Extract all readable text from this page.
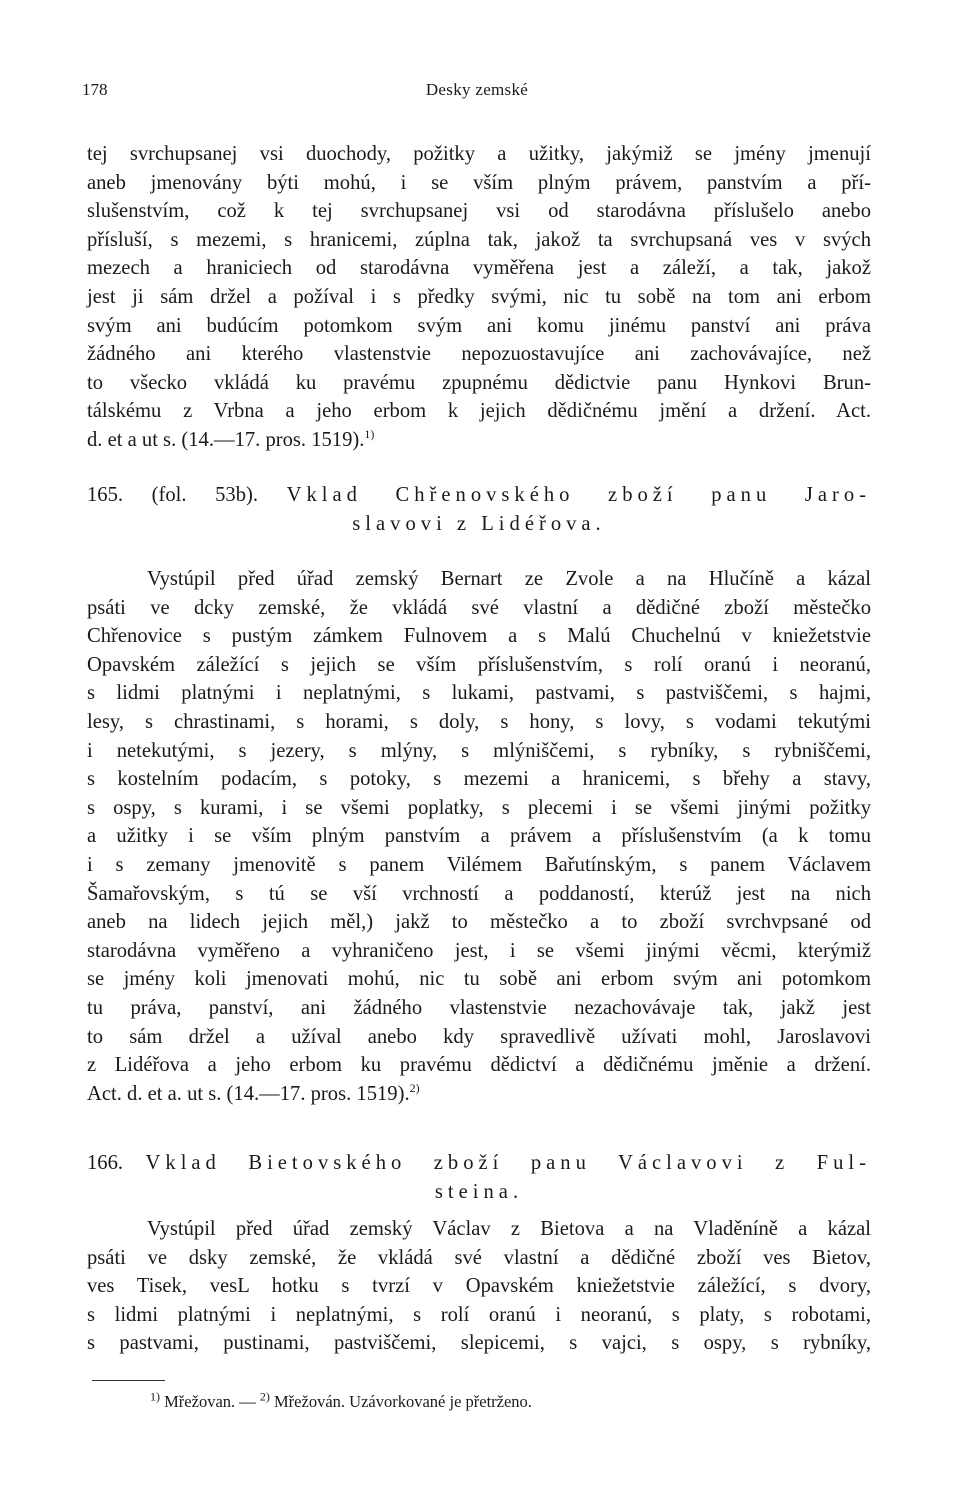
178	Desky zemské
tej svrchupsanej vsi duochody, požitky a užitky, jakýmiž se jmény jmenují
aneb jmenovány býti mohú, i se vším plným právem, panstvím a pří-
slušenstvím, což k tej svrchupsanej vsi od starodávna příslušelo anebo
přísluší, s mezemi, s hranicemi, zúplna tak, jakož ta svrchupsaná ves v svých
mezech a hraniciech od starodávna vyměřena jest a záleží, a tak, jakož
jest ji sám držel a požíval i s předky svými, nic tu sobě na tom ani erbom
svým ani budúcím potomkom svým ani komu jinému panství ani práva
žádného ani kterého vlastenstvie nepozuostavujíce ani zachovávajíce, než
to všecko vkládá ku pravému zpupnému dědictvie panu Hynkovi Brun-
tálskému z Vrbna a jeho erbom k jejich dědičnému jmění a držení. Act.
d. et a ut s. (14.—17. pros. 1519).$^{1)}$
165. (fol. 53b). Vklad Chřenovského zboží panu Jaro-
slavovi z Lidéřova.
Vystúpil před úřad zemský Bernart ze Zvole a na Hlučíně a kázal
psáti ve dcky zemské, že vkládá své vlastní a dědičné zboží městečko
Chřenovice s pustým zámkem Fulnovem a s Malú Chuchelnú v kniežetstvie
Opavském záležící s jejich se vším příslušenstvím, s rolí oranú i neoranú,
s lidmi platnými i neplatnými, s lukami, pastvami, s pastviščemi, s hajmi,
lesy, s chrastinami, s horami, s doly, s hony, s lovy, s vodami tekutými
i netekutými, s jezery, s mlýny, s mlýniščemi, s rybníky, s rybniščemi,
s kostelním podacím, s potoky, s mezemi a hranicemi, s břehy a stavy,
s ospy, s kurami, i se všemi poplatky, s plecemi i se všemi jinými požitky
a užitky i se vším plným panstvím a právem a příslušenstvím (a k tomu
i s zemany jmenovitě s panem Vilémem Bařutínským, s panem Václavem
Šamařovským, s tú se vší vrchností a poddaností, kterúž jest na nich
aneb na lidech jejich měl,) jakž to městečko a to zboží svrchvpsané od
starodávna vyměřeno a vyhraničeno jest, i se všemi jinými věcmi, kterýmiž
se jmény koli jmenovati mohú, nic tu sobě ani erbom svým ani potomkom
tu práva, panství, ani žádného vlastenstvie nezachovávaje tak, jakž jest
to sám držel a užíval anebo kdy spravedlivě užívati mohl, Jaroslavovi
z Lidéřova a jeho erbom ku pravému dědictví a dědičnému jměnie a držení.
Act. d. et a. ut s. (14.—17. pros. 1519).$^{2)}$
166. Vklad Bietovského zboží panu Václavovi z Ful-
steina.
Vystúpil před úřad zemský Václav z Bietova a na Vladěníně a kázal
psáti ve dsky zemské, že vkládá své vlastní a dědičné zboží ves Bietov,
ves Tisek, vesL hotku s tvrzí v Opavském kniežetstvie záležící, s dvory,
s lidmi platnými i neplatnými, s rolí oranú i neoranú, s platy, s robotami,
s pastvami, pustinami, pastviščemi, slepicemi, s vajci, s ospy, s rybníky,
$^{1)}$ Mřežovan. — $^{2)}$ Mřežován. Uzávorkované je přetrženo.
